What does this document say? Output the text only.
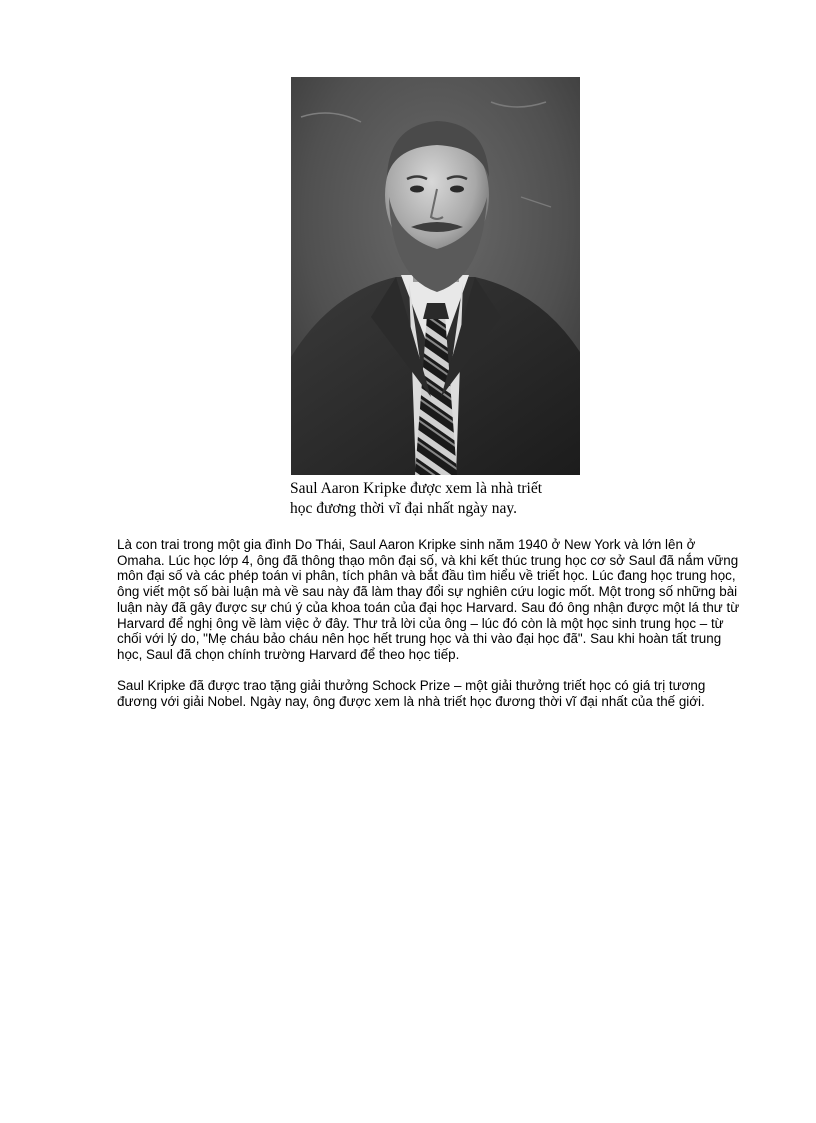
Saul Aaron Kripke được xem là nhà triết
học đương thời vĩ đại nhất ngày nay.
Là con trai trong một gia đình Do Thái, Saul Aaron Kripke sinh năm 1940 ở New York và lớn lên ở
Omaha. Lúc học lớp 4, ông đã thông thạo môn đại số, và khi kết thúc trung học cơ sở Saul đã nắm vững
môn đại số và các phép toán vi phân, tích phân và bắt đầu tìm hiểu về triết học. Lúc đang học trung học,
ông viết một số bài luận mà về sau này đã làm thay đổi sự nghiên cứu logic mốt. Một trong số những bài
luận này đã gây được sự chú ý của khoa toán của đại học Harvard. Sau đó ông nhận được một lá thư từ
Harvard để nghị ông về làm việc ở đây. Thư trả lời của ông – lúc đó còn là một học sinh trung học – từ
chối với lý do, "Mẹ cháu bảo cháu nên học hết trung học và thi vào đại học đã". Sau khi hoàn tất trung
học, Saul đã chọn chính trường Harvard để theo học tiếp.
Saul Kripke đã được trao tặng giải thưởng Schock Prize – một giải thưởng triết học có giá trị tương
đương với giải Nobel. Ngày nay, ông được xem là nhà triết học đương thời vĩ đại nhất của thế giới.
